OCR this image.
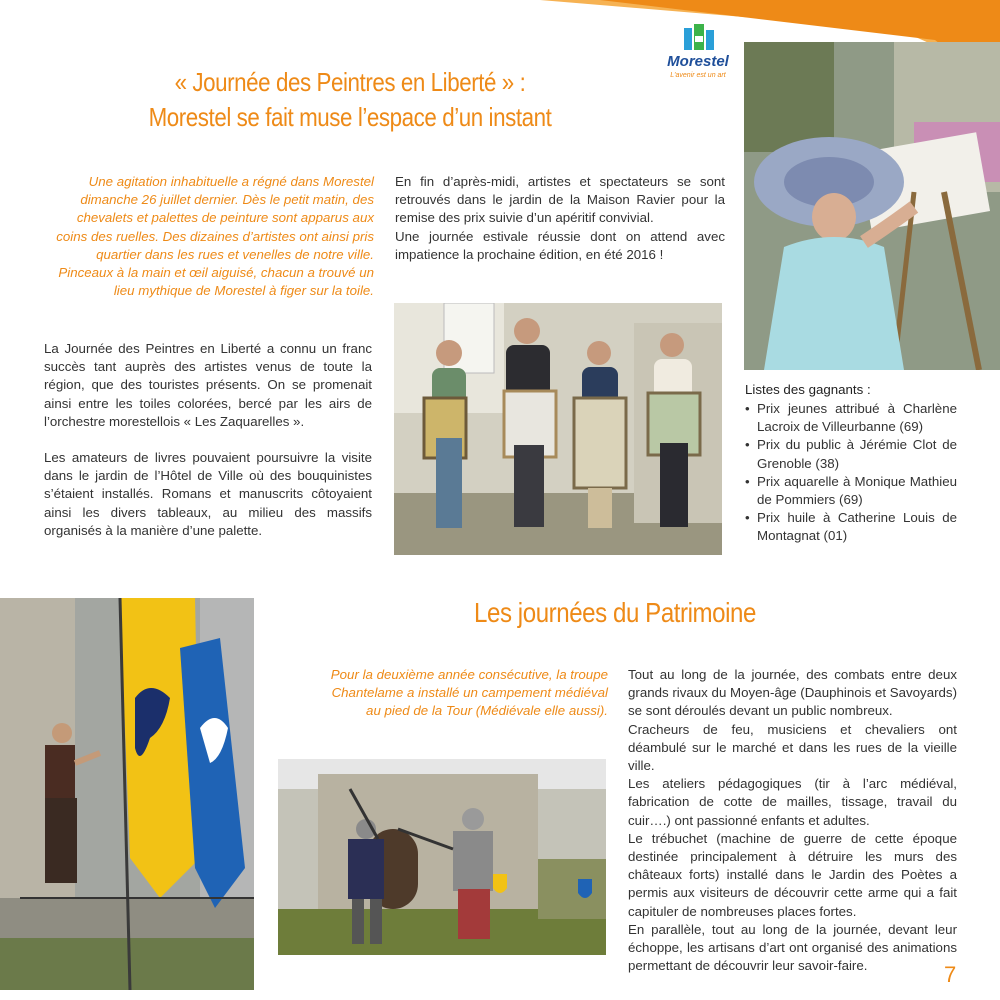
Morestel
L'avenir est un art
« Journée des Peintres en Liberté » :
Morestel se fait muse l’espace d’un instant
Une agitation inhabituelle a régné dans Morestel dimanche 26 juillet dernier. Dès le petit matin, des chevalets et palettes de peinture sont apparus aux coins des ruelles. Des dizaines d’artistes ont ainsi pris quartier dans les rues et venelles de notre ville. Pinceaux à la main et œil aiguisé, chacun a trouvé un lieu mythique de Morestel à figer sur la toile.

La Journée des Peintres en Liberté a connu un franc succès tant auprès des artistes venus de toute la région, que des touristes présents. On se promenait ainsi entre les toiles colorées, bercé par les airs de l’orchestre morestellois « Les Zaquarelles ».

Les amateurs de livres pouvaient poursuivre la visite dans le jardin de l’Hôtel de Ville où des bouquinistes s’étaient installés. Romans et manuscrits côtoyaient ainsi les divers tableaux, au milieu des massifs organisés à la manière d’une palette.

En fin d’après-midi, artistes et spectateurs se sont retrouvés dans le jardin de la Maison Ravier pour la remise des prix suivie d’un apéritif convivial.
Une journée estivale réussie dont on attend avec impatience la prochaine édition, en été 2016 !
Listes des gagnants :
• Prix jeunes attribué à Charlène Lacroix de Villeurbanne (69)
• Prix du public à Jérémie Clot de Grenoble (38)
• Prix aquarelle à Monique Mathieu de Pommiers (69)
• Prix huile à Catherine Louis de Montagnat (01)
Les journées du Patrimoine
Pour la deuxième année consécutive, la troupe Chantelame a installé un campement médiéval au pied de la Tour (Médiévale elle aussi).
Tout au long de la journée, des combats entre deux grands rivaux du Moyen-âge (Dauphinois et Savoyards) se sont déroulés devant un public nombreux.
Cracheurs de feu, musiciens et chevaliers ont déambulé sur le marché et dans les rues de la vieille ville.
Les ateliers pédagogiques (tir à l’arc médiéval, fabrication de cotte de mailles, tissage, travail du cuir….) ont passionné enfants et adultes.
Le trébuchet (machine de guerre de cette époque destinée principalement à détruire les murs des châteaux forts) installé dans le Jardin des Poètes a permis aux visiteurs de découvrir cette arme qui a fait capituler de nombreuses places fortes.
En parallèle, tout au long de la journée, devant leur échoppe, les artisans d’art ont organisé des animations permettant de découvrir leur savoir-faire.	7
